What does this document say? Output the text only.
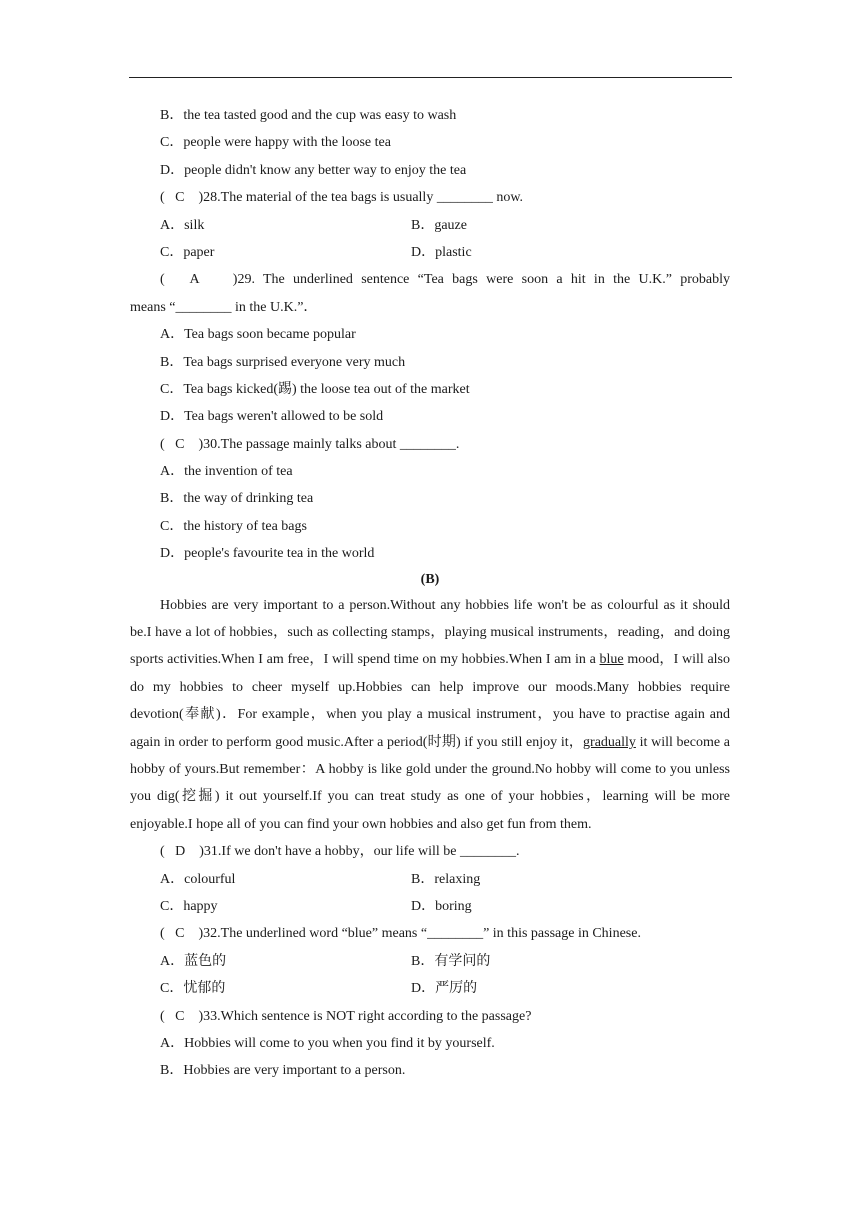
B．the tea tasted good and the cup was easy to wash
C．people were happy with the loose tea
D．people didn't know any better way to enjoy the tea
(   C    )28.The material of the tea bags is usually ________ now.
A．silk	B．gauze
C．paper	D．plastic
(   A    )29. The underlined sentence “Tea bags were soon a hit in the U.K.” probably
means “________ in the U.K.”．
A．Tea bags soon became popular
B．Tea bags surprised everyone very much
C．Tea bags kicked(踢) the loose tea out of the market
D．Tea bags weren't allowed to be sold
(   C    )30.The passage mainly talks about ________.
A．the invention of tea
B．the way of drinking tea
C．the history of tea bags
D．people's favourite tea in the world
(B)
Hobbies are very important to a person.Without any hobbies life won't be as colourful as it should be.I have a lot of hobbies，such as collecting stamps，playing musical instruments，reading，and doing sports activities.When I am free，I will spend time on my hobbies.When I am in a blue mood，I will also do my hobbies to cheer myself up.Hobbies can help improve our moods.Many hobbies require devotion(奉献)．For example，when you play a musical instrument，you have to practise again and again in order to perform good music.After a period(时期) if you still enjoy it，gradually it will become a hobby of yours.But remember：A hobby is like gold under the ground.No hobby will come to you unless you dig(挖掘) it out yourself.If you can treat study as one of your hobbies，learning will be more enjoyable.I hope all of you can find your own hobbies and also get fun from them.
(   D    )31.If we don't have a hobby，our life will be ________.
A．colourful	B．relaxing
C．happy	D．boring
(   C    )32.The underlined word “blue” means “________” in this passage in Chinese.
A．蓝色的	B．有学问的
C．忧郁的	D．严厉的
(   C    )33.Which sentence is NOT right according to the passage?
A．Hobbies will come to you when you find it by yourself.
B．Hobbies are very important to a person.
